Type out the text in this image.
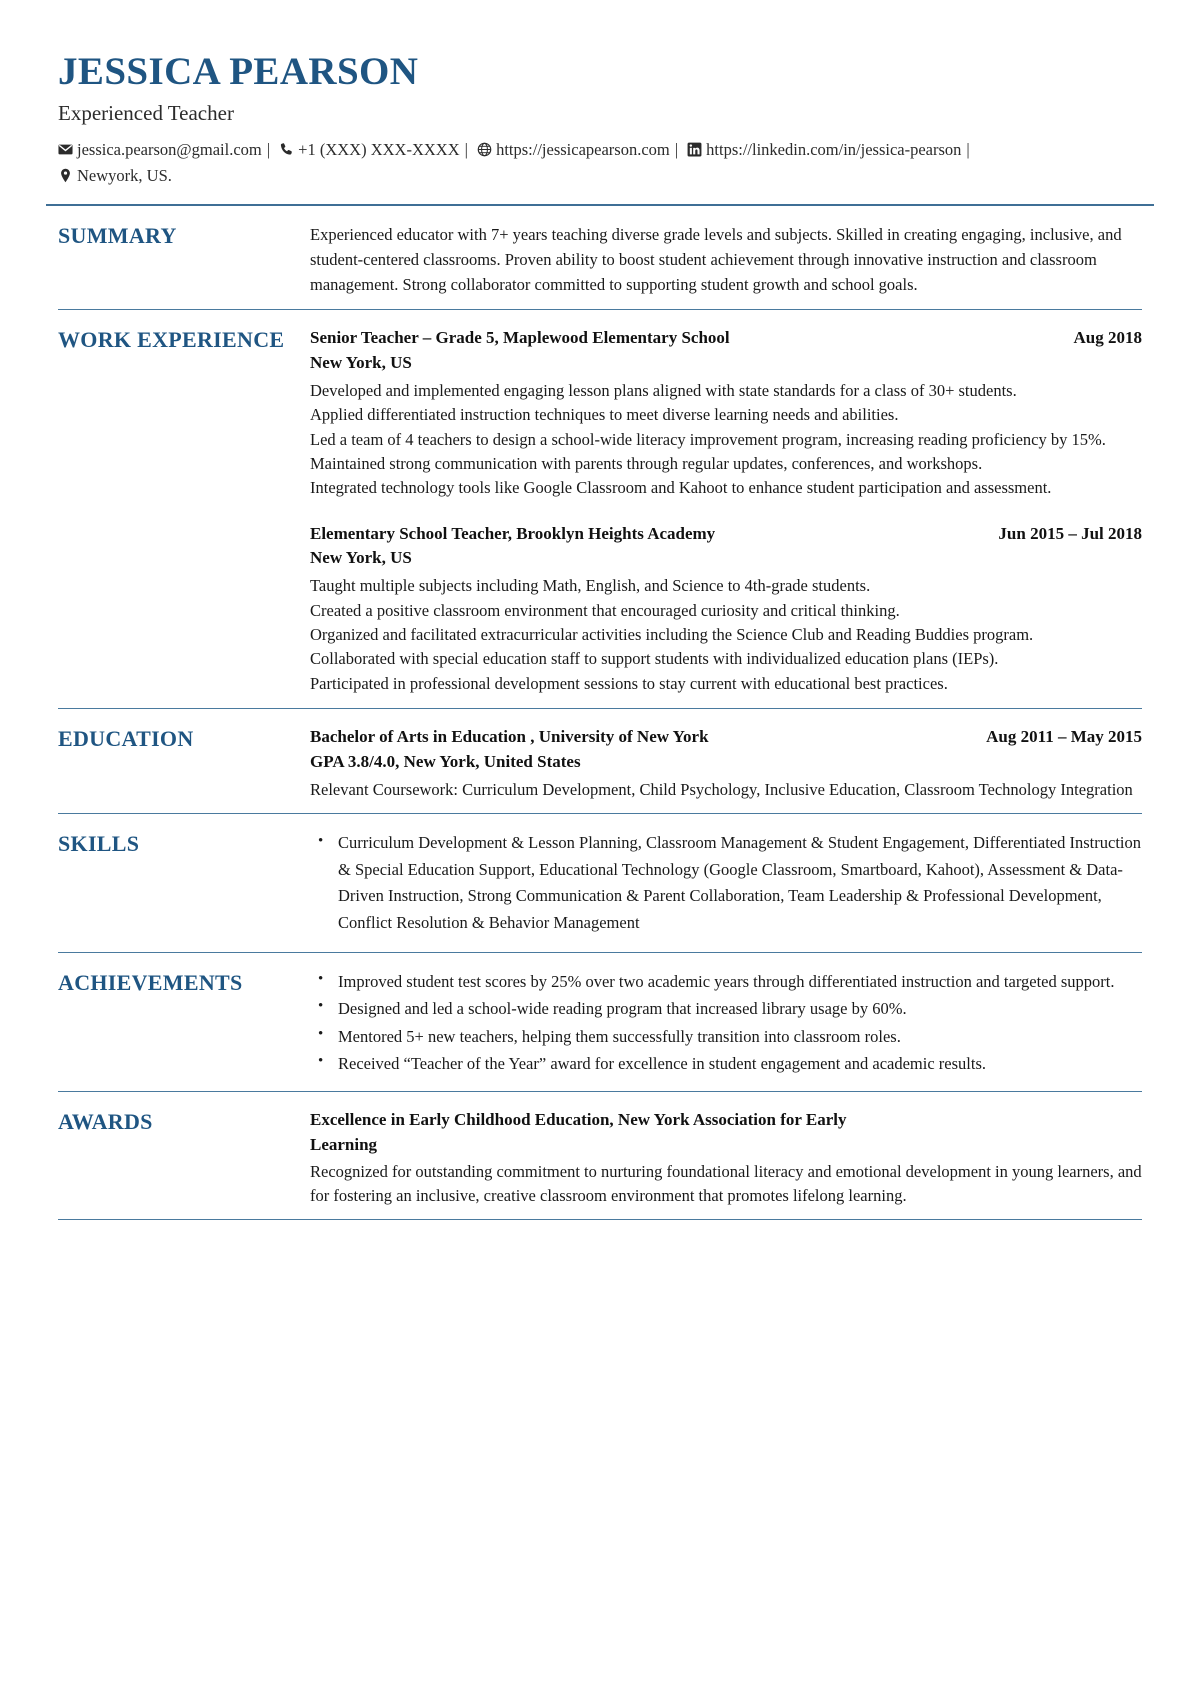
JESSICA PEARSON
Experienced Teacher
jessica.pearson@gmail.com | +1 (XXX) XXX-XXXX | https://jessicapearson.com | https://linkedin.com/in/jessica-pearson |
Newyork, US.
SUMMARY	Experienced educator with 7+ years teaching diverse grade levels and subjects. Skilled in creating engaging, inclusive, and student-centered classrooms. Proven ability to boost student achievement through innovative instruction and classroom management. Strong collaborator committed to supporting student growth and school goals.

WORK EXPERIENCE	Senior Teacher – Grade 5, Maplewood Elementary School	Aug 2018
New York, US

Developed and implemented engaging lesson plans aligned with state standards for a class of 30+ students.

Applied differentiated instruction techniques to meet diverse learning needs and abilities.

Led a team of 4 teachers to design a school-wide literacy improvement program, increasing reading proficiency by 15%.

Maintained strong communication with parents through regular updates, conferences, and workshops.

Integrated technology tools like Google Classroom and Kahoot to enhance student participation and assessment.

Elementary School Teacher, Brooklyn Heights Academy	Jun 2015 – Jul 2018
New York, US

Taught multiple subjects including Math, English, and Science to 4th-grade students.

Created a positive classroom environment that encouraged curiosity and critical thinking.

Organized and facilitated extracurricular activities including the Science Club and Reading Buddies program.

Collaborated with special education staff to support students with individualized education plans (IEPs).

Participated in professional development sessions to stay current with educational best practices.

EDUCATION	Bachelor of Arts in Education , University of New York	Aug 2011 – May 2015
GPA 3.8/4.0, New York, United States

Relevant Coursework: Curriculum Development, Child Psychology, Inclusive Education, Classroom Technology Integration

SKILLS	• Curriculum Development & Lesson Planning, Classroom Management & Student Engagement, Differentiated Instruction & Special Education Support, Educational Technology (Google Classroom, Smartboard, Kahoot), Assessment & Data-Driven Instruction, Strong Communication & Parent Collaboration, Team Leadership & Professional Development, Conflict Resolution & Behavior Management
ACHIEVEMENTS	• Improved student test scores by 25% over two academic years through differentiated instruction and targeted support.
• Designed and led a school-wide reading program that increased library usage by 60%.
• Mentored 5+ new teachers, helping them successfully transition into classroom roles.
• Received “Teacher of the Year” award for excellence in student engagement and academic results.
AWARDS	Excellence in Early Childhood Education, New York Association for Early Learning

Recognized for outstanding commitment to nurturing foundational literacy and emotional development in young learners, and for fostering an inclusive, creative classroom environment that promotes lifelong learning.
